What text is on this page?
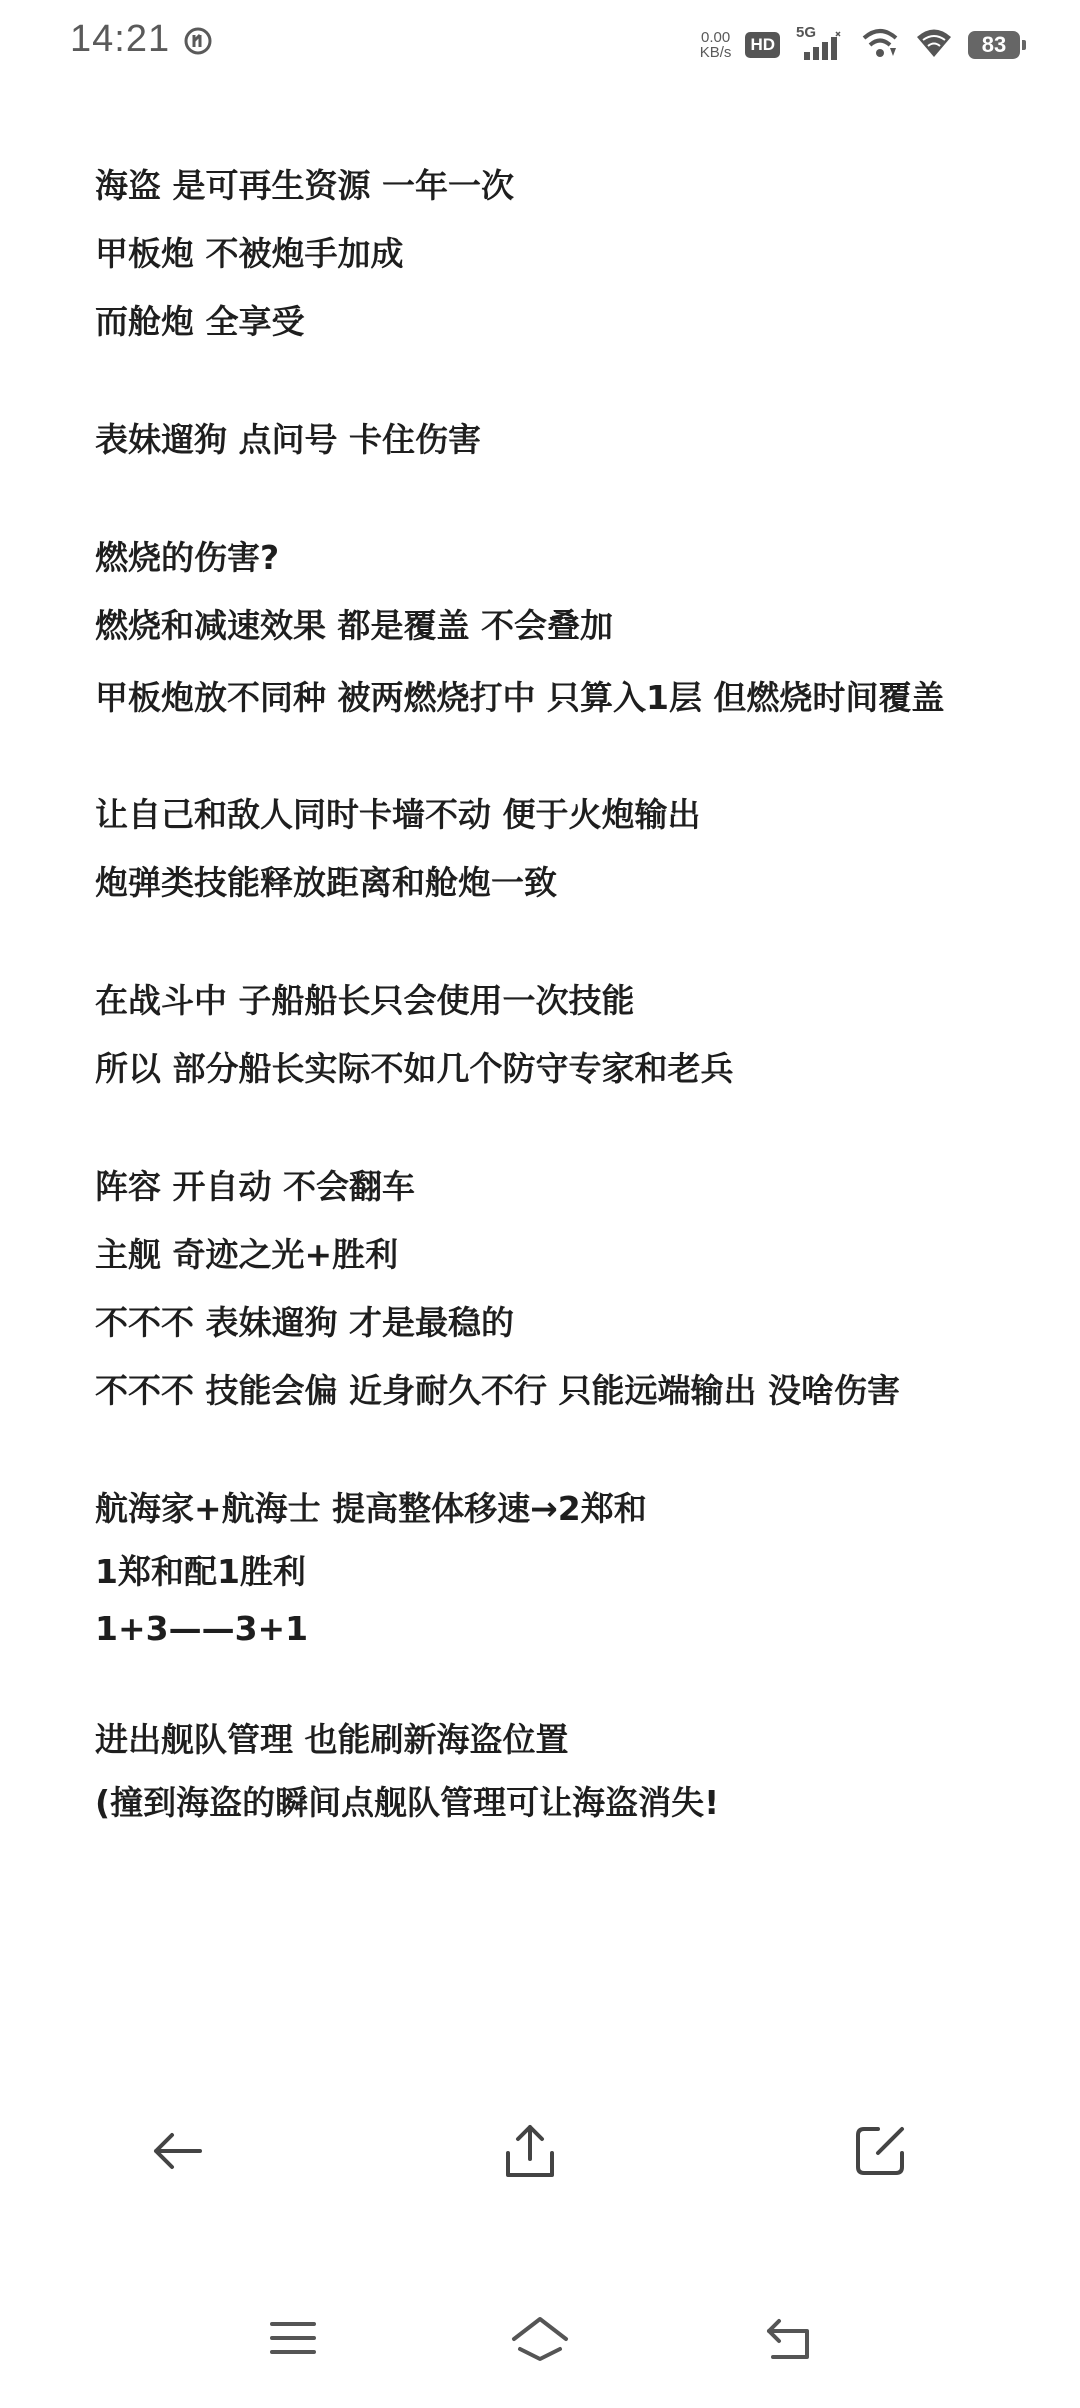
14:21	0.00
KB/s HD
5G	83
海盗 是可再生资源 一年一次
甲板炮 不被炮手加成
而舱炮 全享受
表妹遛狗 点问号 卡住伤害
燃烧的伤害?
燃烧和减速效果 都是覆盖 不会叠加
甲板炮放不同种 被两燃烧打中 只算入1层 但燃烧时间覆盖
让自己和敌人同时卡墙不动 便于火炮输出
炮弹类技能释放距离和舱炮一致
在战斗中 子船船长只会使用一次技能
所以 部分船长实际不如几个防守专家和老兵
阵容 开自动 不会翻车
主舰 奇迹之光+胜利
不不不 表妹遛狗 才是最稳的
不不不 技能会偏 近身耐久不行 只能远端输出 没啥伤害
航海家+航海士 提高整体移速→2郑和
1郑和配1胜利
1+3——3+1
进出舰队管理 也能刷新海盗位置
(撞到海盗的瞬间点舰队管理可让海盗消失!
